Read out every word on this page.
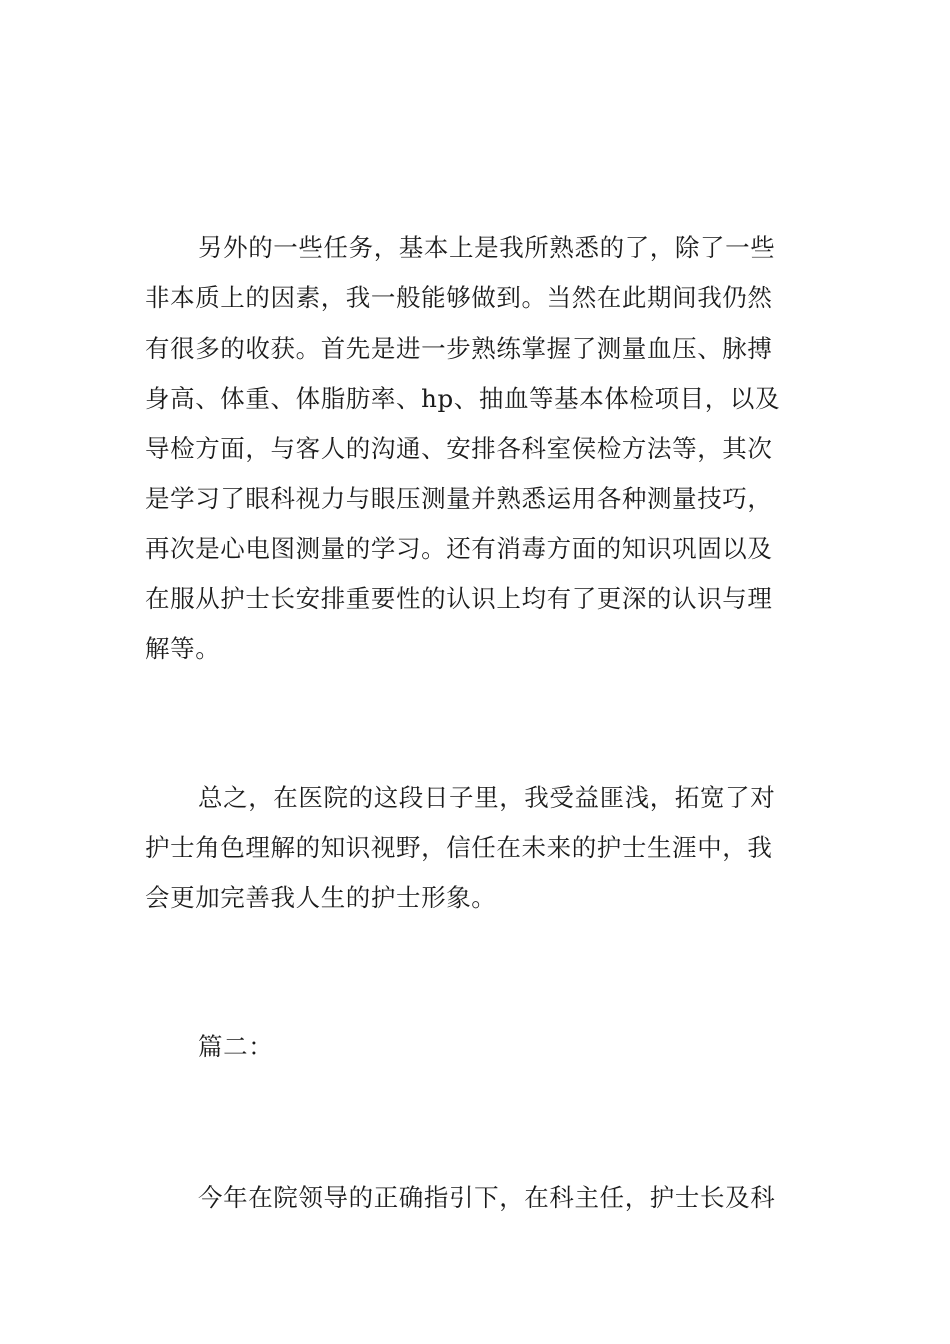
另外的一些任务，基本上是我所熟悉的了，除了一些
非本质上的因素，我一般能够做到。当然在此期间我仍然
有很多的收获。首先是进一步熟练掌握了测量血压、脉搏
身高、体重、体脂肪率、hp、抽血等基本体检项目，以及
导检方面，与客人的沟通、安排各科室侯检方法等，其次
是学习了眼科视力与眼压测量并熟悉运用各种测量技巧，
再次是心电图测量的学习。还有消毒方面的知识巩固以及
在服从护士长安排重要性的认识上均有了更深的认识与理
解等。
总之，在医院的这段日子里，我受益匪浅，拓宽了对
护士角色理解的知识视野，信任在未来的护士生涯中，我
会更加完善我人生的护士形象。
篇二：
今年在院领导的正确指引下，在科主任，护士长及科
